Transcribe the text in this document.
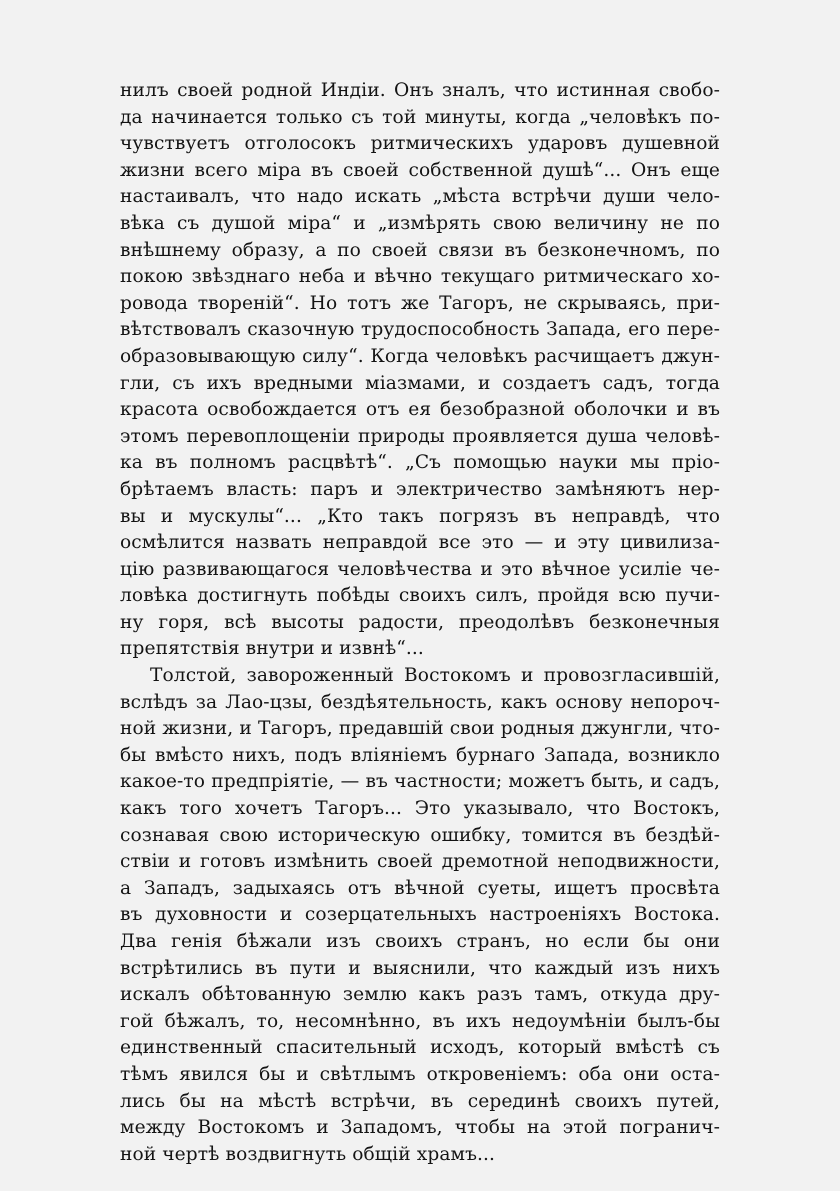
нилъ своей родной Индіи. Онъ зналъ, что истинная свобо-
да начинается только съ той минуты, когда „человѣкъ по-
чувствуетъ отголосокъ ритмическихъ ударовъ душевной
жизни всего міра въ своей собственной душѣ“... Онъ еще
настаивалъ, что надо искать „мѣста встрѣчи души чело-
вѣка съ душой міра“ и „измѣрять свою величину не по
внѣшнему образу, а по своей связи въ безконечномъ, по
покою звѣзднаго неба и вѣчно текущаго ритмическаго хо-
ровода творенiй“. Но тотъ же Тагоръ, не скрываясь, при-
вѣтствовалъ сказочную трудоспособность Запада, его пере-
образовывающую силу“. Когда человѣкъ расчищаетъ джун-
гли, съ ихъ вредными міазмами, и создаетъ садъ, тогда
красота освобождается отъ ея безобразной оболочки и въ
этомъ перевоплощеніи природы проявляется душа человѣ-
ка въ полномъ расцвѣтѣ“. „Съ помощью науки мы пріо-
брѣтаемъ власть: паръ и электричество замѣняютъ нер-
вы и мускулы“... „Кто такъ погрязъ въ неправдѣ, что
осмѣлится назвать неправдой все это — и эту цивилиза-
цію развивающагося человѣчества и это вѣчное усиліе че-
ловѣка достигнуть побѣды своихъ силъ, пройдя всю пучи-
ну горя, всѣ высоты радости, преодолѣвъ безконечныя
препятствія внутри и извнѣ“...
Толстой, завороженный Востокомъ и провозгласившій,
вслѣдъ за Лао-цзы, бездѣятельность, какъ основу непороч-
ной жизни, и Тагоръ, предавшій свои родныя джунгли, что-
бы вмѣсто нихъ, подъ вліяніемъ бурнаго Запада, возникло
какое-то предпріятіе, — въ частности; можетъ быть, и садъ,
какъ того хочетъ Тагоръ... Это указывало, что Востокъ,
сознавая свою историческую ошибку, томится въ бездѣй-
ствіи и готовъ измѣнить своей дремотной неподвижности,
а Западъ, задыхаясь отъ вѣчной суеты, ищетъ просвѣта
въ духовности и созерцательныхъ настроеніяхъ Востока.
Два генія бѣжали изъ своихъ странъ, но если бы они
встрѣтились въ пути и выяснили, что каждый изъ нихъ
искалъ обѣтованную землю какъ разъ тамъ, откуда дру-
гой бѣжалъ, то, несомнѣнно, въ ихъ недоумѣніи былъ-бы
единственный спасительный исходъ, который вмѣстѣ съ
тѣмъ явился бы и свѣтлымъ откровеніемъ: оба они оста-
лись бы на мѣстѣ встрѣчи, въ серединѣ своихъ путей,
между Востокомъ и Западомъ, чтобы на этой погранич-
ной чертѣ воздвигнуть общій храмъ...
